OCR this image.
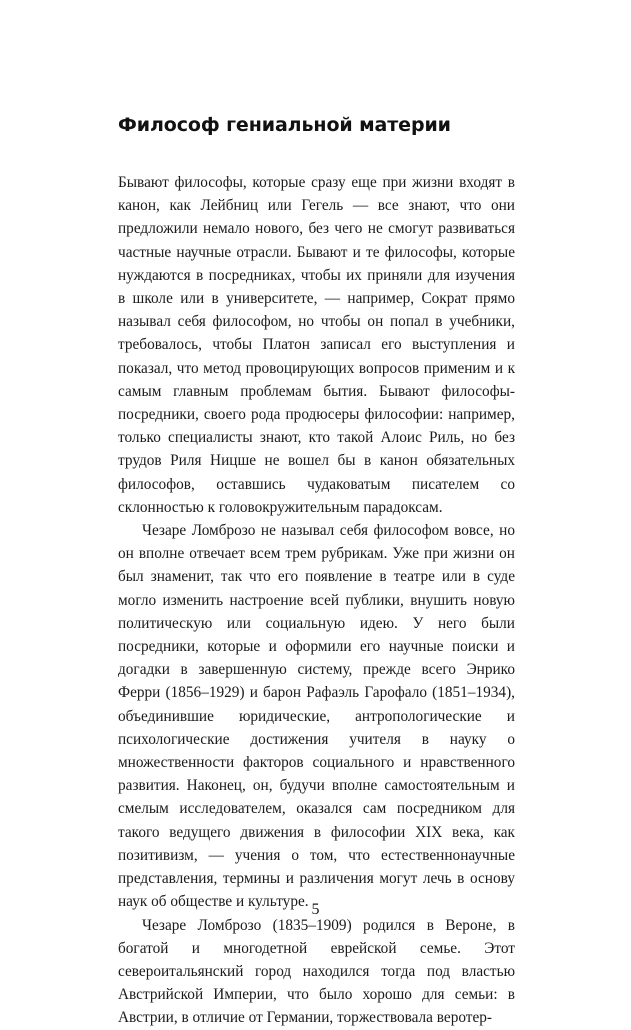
Философ гениальной материи

Бывают философы, которые сразу еще при жизни входят в канон, как Лейбниц или Гегель — все знают, что они предложили немало нового, без чего не смогут развиваться частные научные отрасли. Бывают и те философы, которые нуждаются в посредниках, чтобы их приняли для изучения в школе или в университете, — например, Сократ прямо называл себя философом, но чтобы он попал в учебники, требовалось, чтобы Платон записал его выступления и показал, что метод провоцирующих вопросов применим и к самым главным проблемам бытия. Бывают философы-посредники, своего рода продюсеры философии: например, только специалисты знают, кто такой Алоис Риль, но без трудов Риля Ницше не вошел бы в канон обязательных философов, оставшись чудаковатым писателем со склонностью к головокружительным парадоксам.

Чезаре Ломброзо не называл себя философом вовсе, но он вполне отвечает всем трем рубрикам. Уже при жизни он был знаменит, так что его появление в театре или в суде могло изменить настроение всей публики, внушить новую политическую или социальную идею. У него были посредники, которые и оформили его научные поиски и догадки в завершенную систему, прежде всего Энрико Ферри (1856–1929) и барон Рафаэль Гарофало (1851–1934), объединившие юридические, антропологические и психологические достижения учителя в науку о множественности факторов социального и нравственного развития. Наконец, он, будучи вполне самостоятельным и смелым исследователем, оказался сам посредником для такого ведущего движения в философии XIX века, как позитивизм, — учения о том, что естественнонаучные представления, термины и различения могут лечь в основу наук об обществе и культуре.

Чезаре Ломброзо (1835–1909) родился в Вероне, в богатой и многодетной еврейской семье. Этот североитальянский город находился тогда под властью Австрийской Империи, что было хорошо для семьи: в Австрии, в отличие от Германии, торжествовала веротер-

5
